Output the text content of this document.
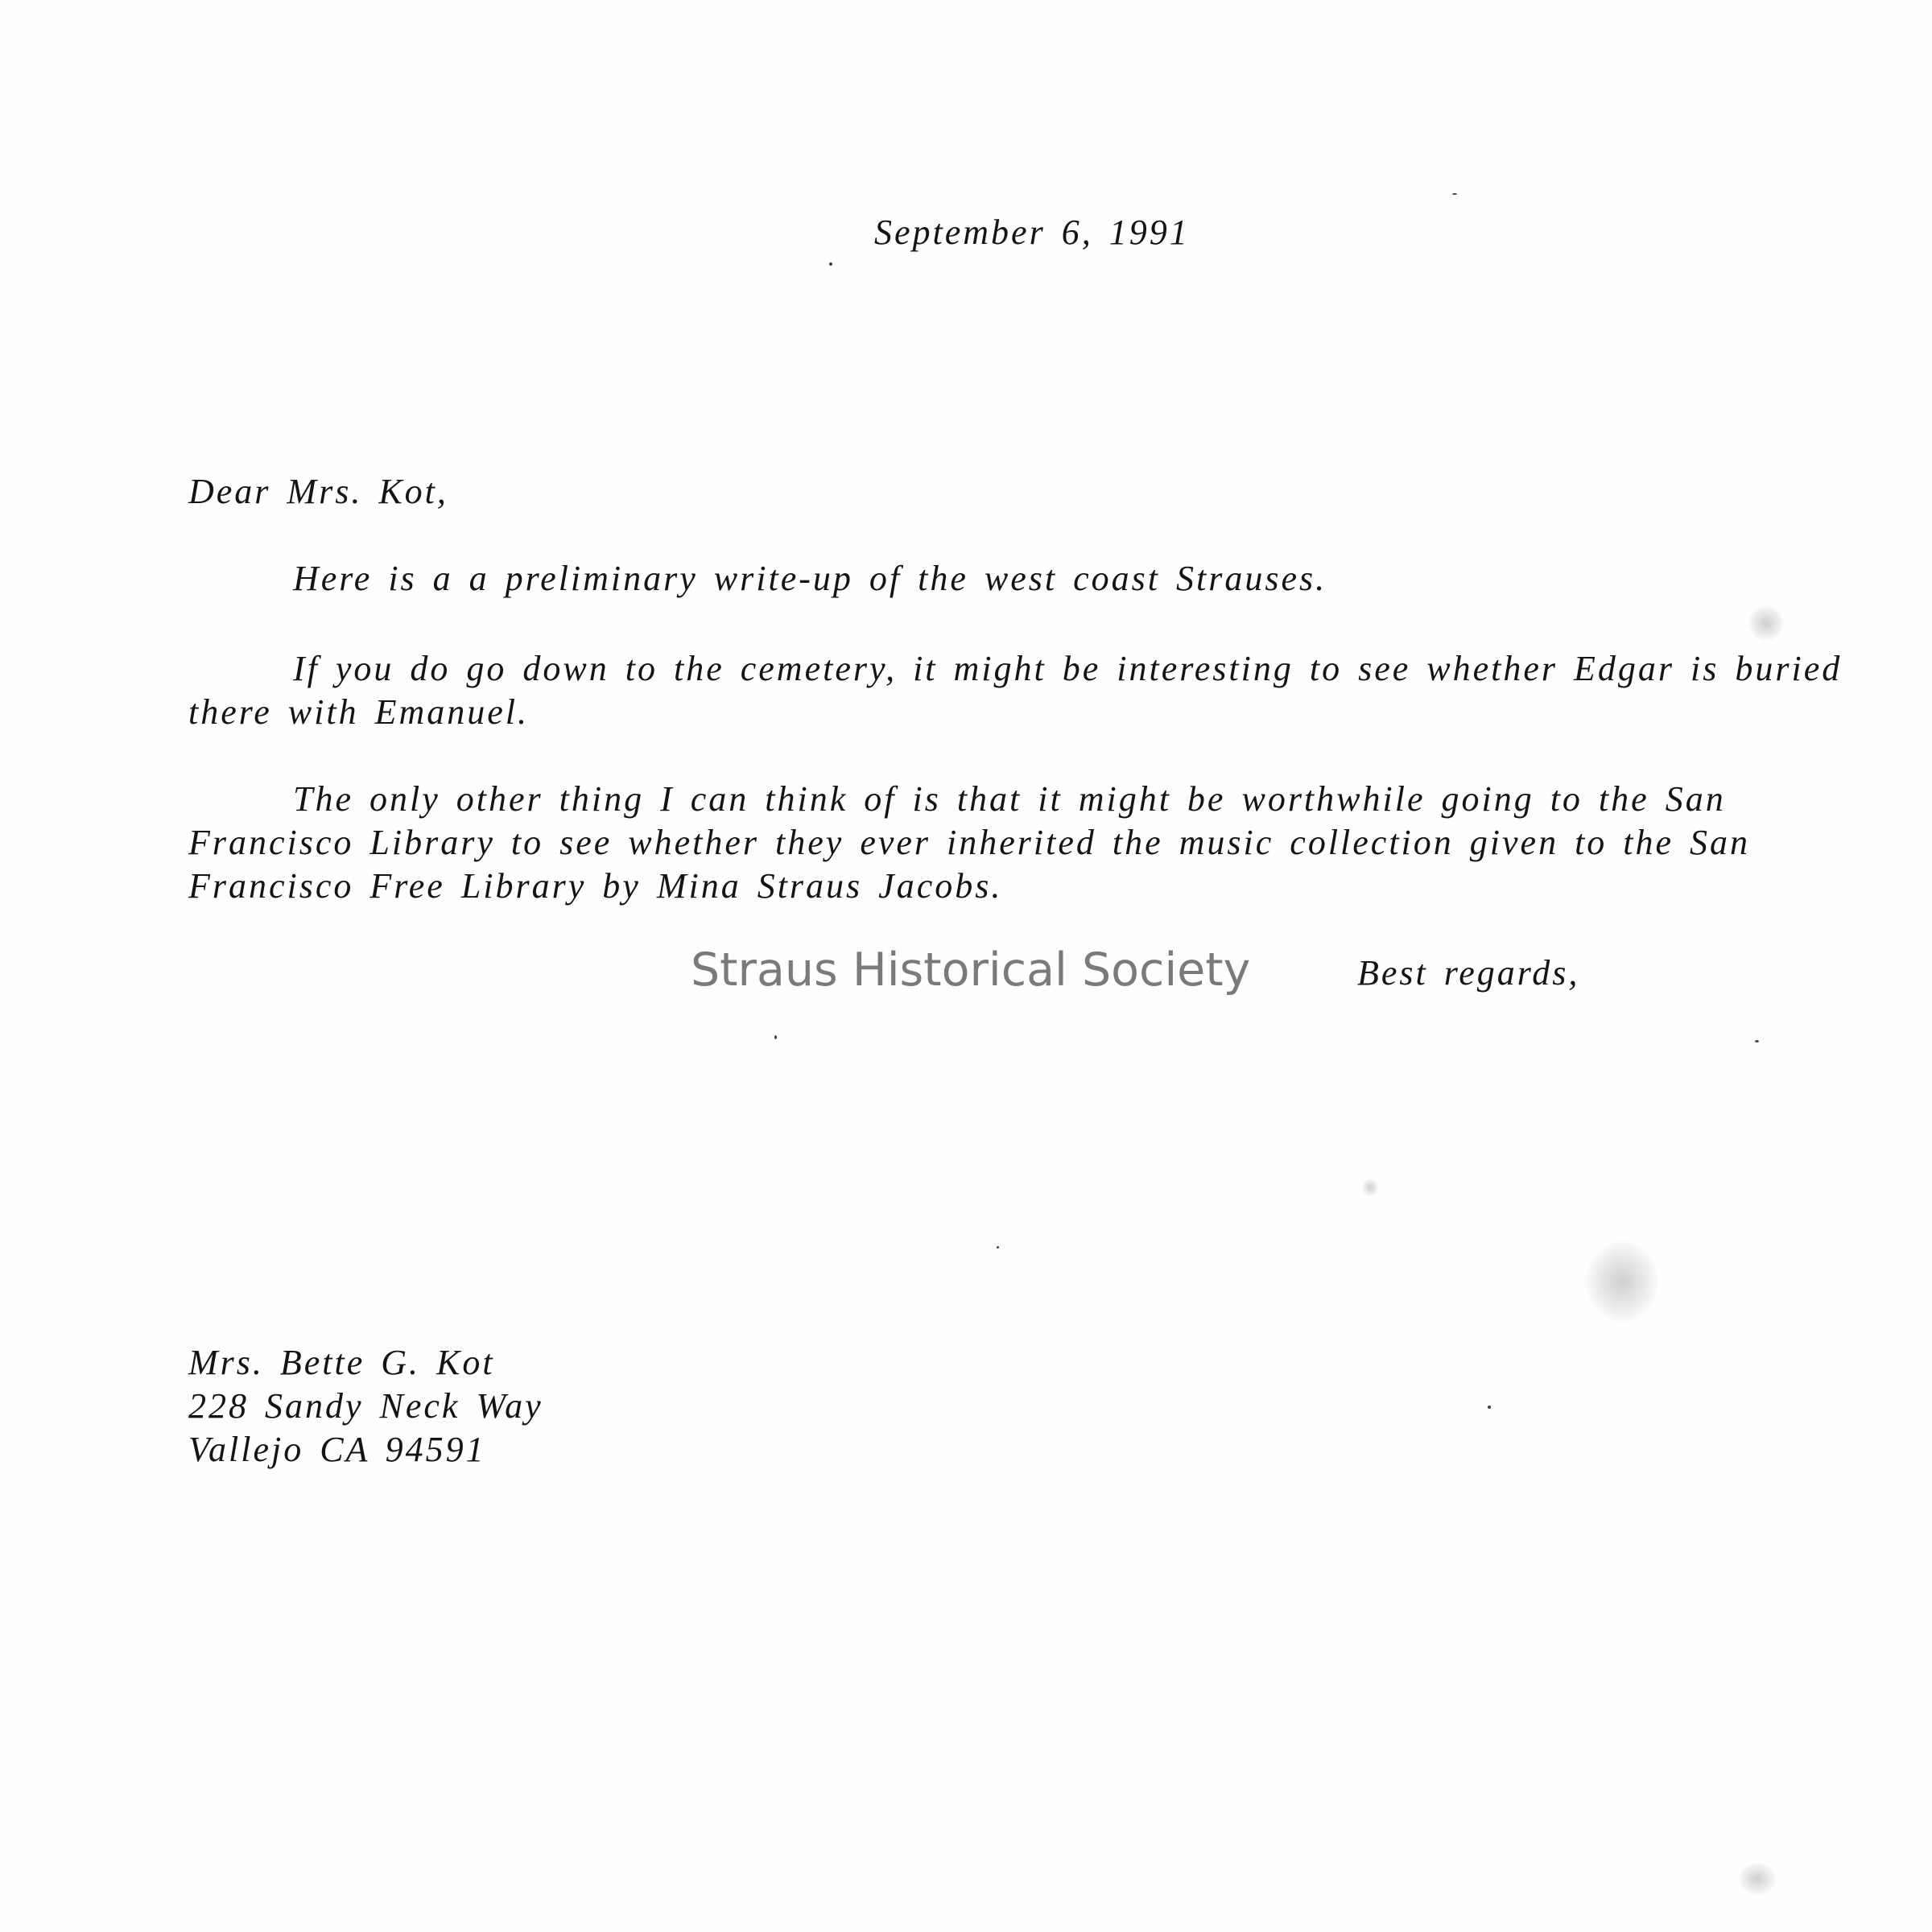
September 6, 1991
Dear Mrs. Kot,
Here is a a preliminary write-up of the west coast Strauses.
If you do go down to the cemetery, it might be interesting to see whether Edgar is buried
there with Emanuel.
The only other thing I can think of is that it might be worthwhile going to the San
Francisco Library to see whether they ever inherited the music collection given to the San
Francisco Free Library by Mina Straus Jacobs.
Straus Historical Society	Best regards,
Mrs. Bette G. Kot
228 Sandy Neck Way
Vallejo CA 94591
